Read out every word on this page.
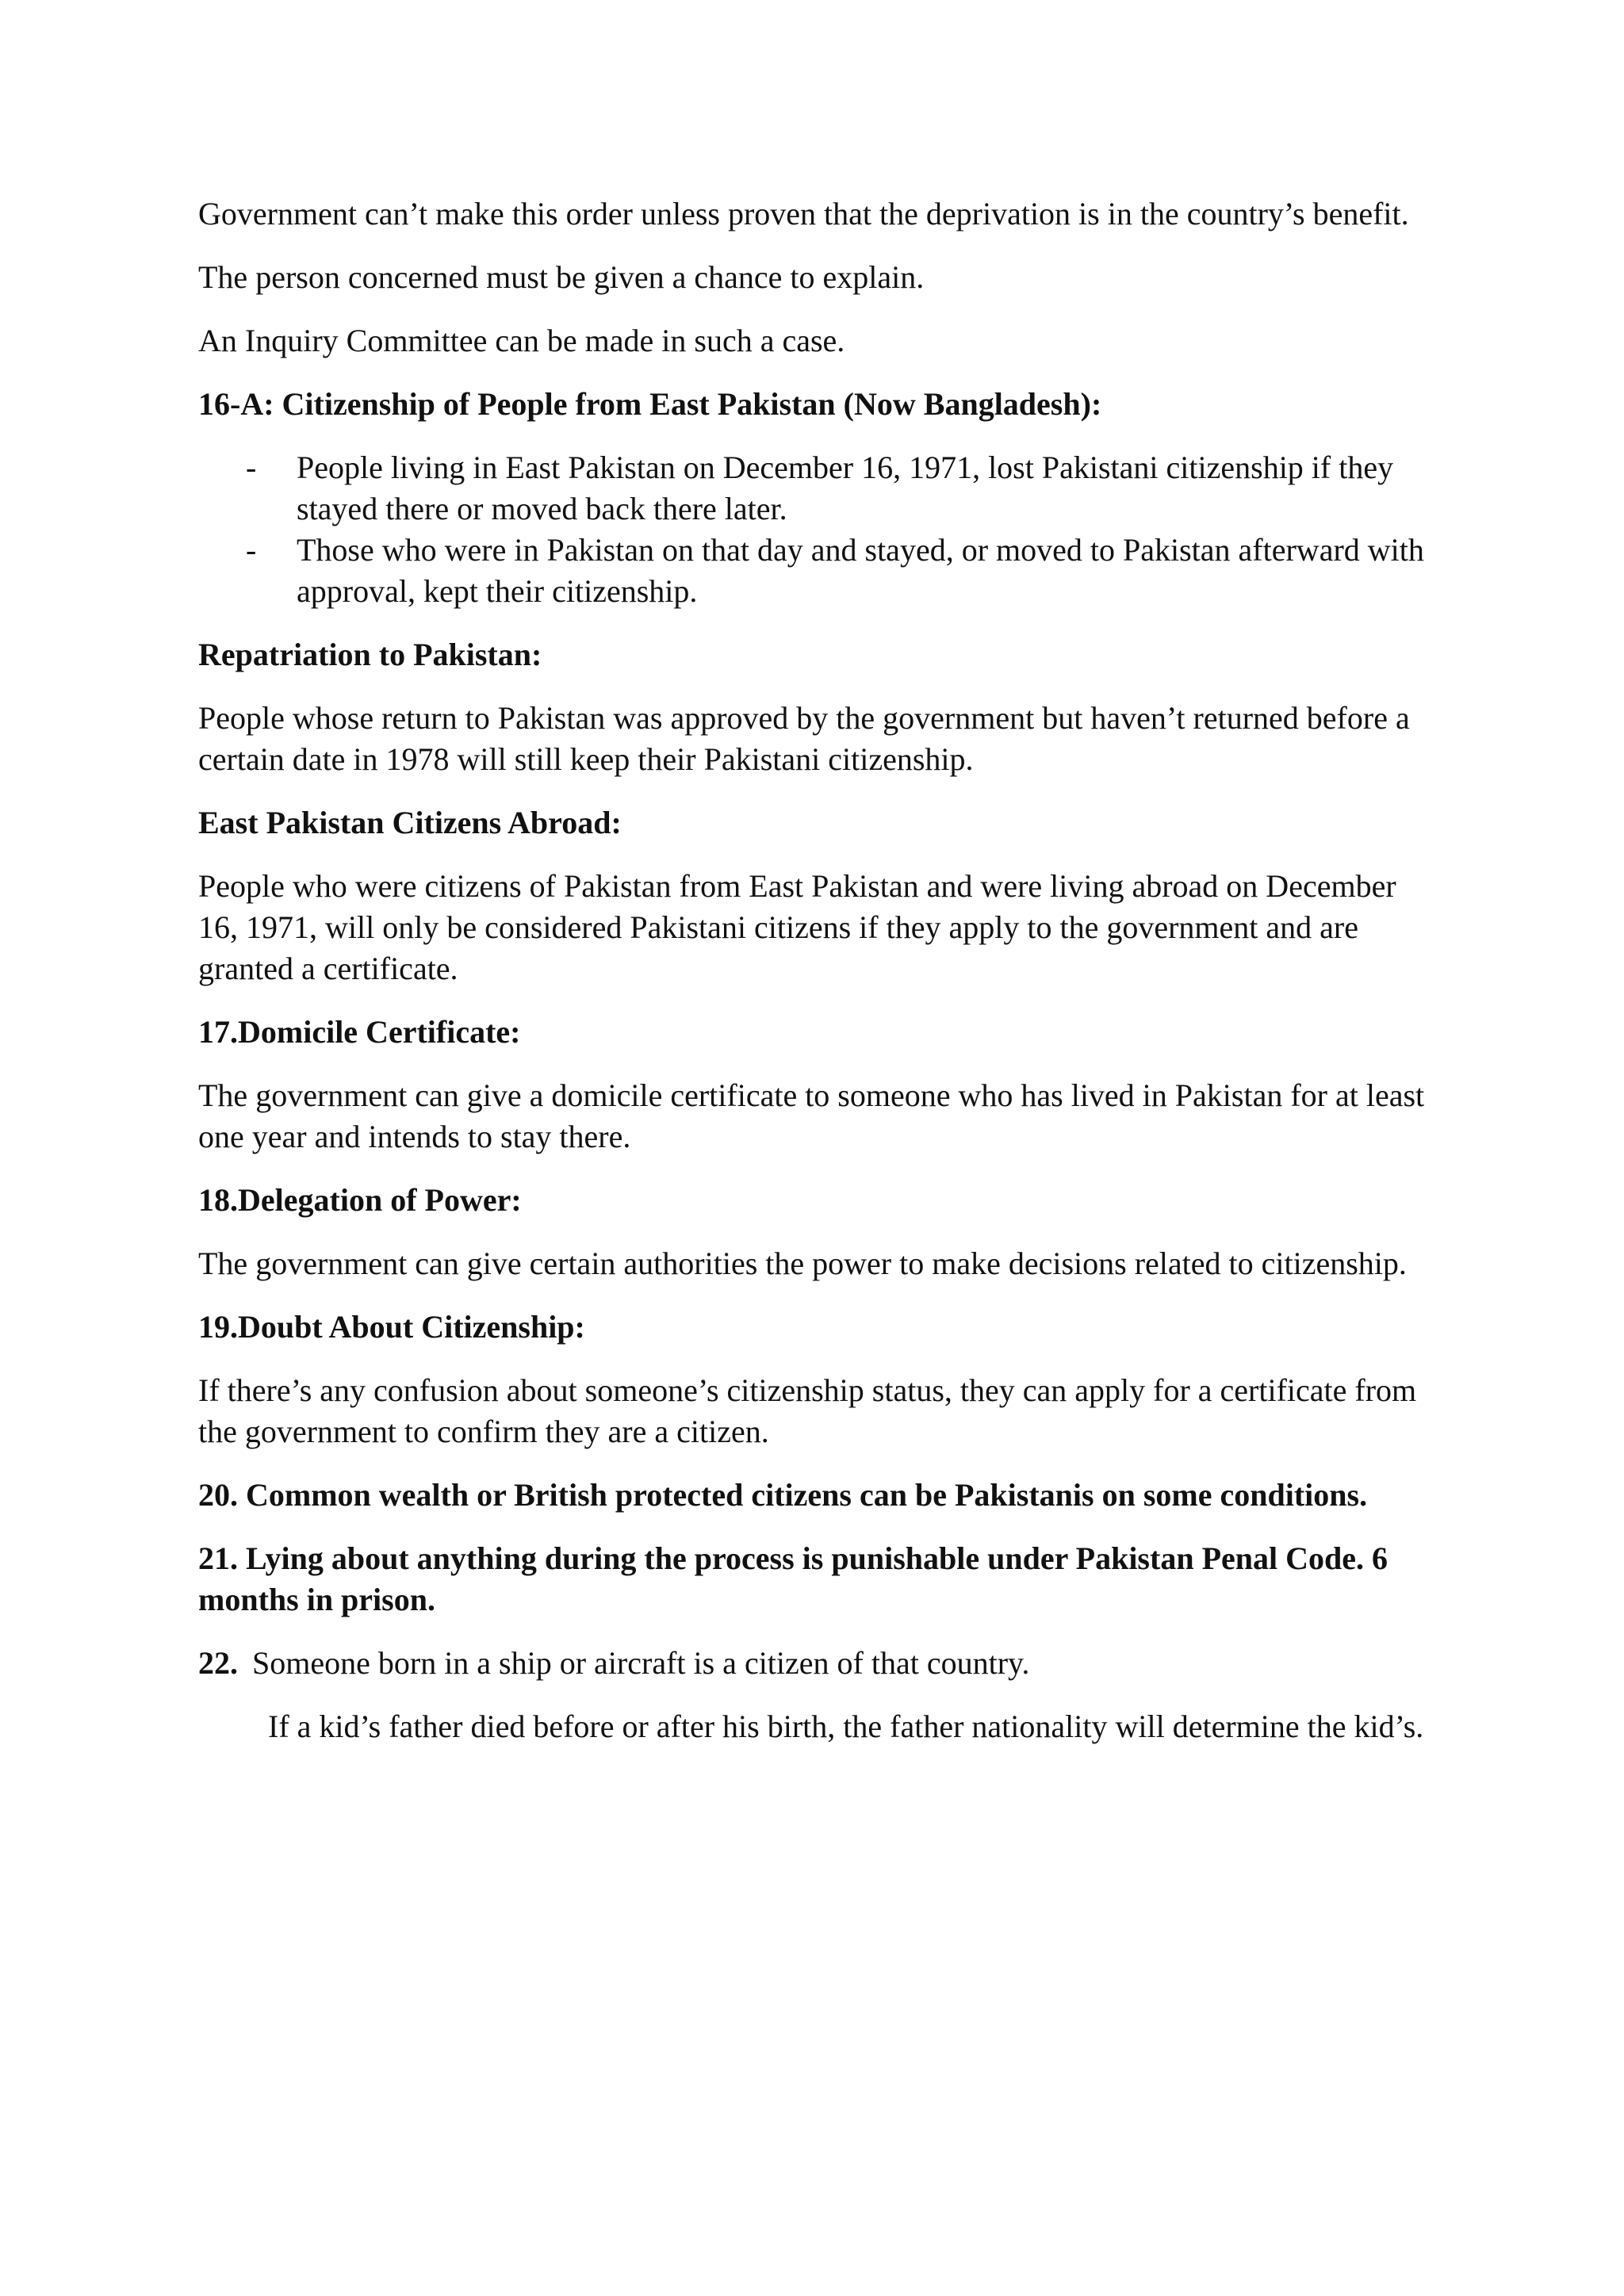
Government can’t make this order unless proven that the deprivation is in the country’s benefit.

The person concerned must be given a chance to explain.

An Inquiry Committee can be made in such a case.

16-A: Citizenship of People from East Pakistan (Now Bangladesh):

- People living in East Pakistan on December 16, 1971, lost Pakistani citizenship if they stayed there or moved back there later.
- Those who were in Pakistan on that day and stayed, or moved to Pakistan afterward with approval, kept their citizenship.

Repatriation to Pakistan:

People whose return to Pakistan was approved by the government but haven’t returned before a certain date in 1978 will still keep their Pakistani citizenship.

East Pakistan Citizens Abroad:

People who were citizens of Pakistan from East Pakistan and were living abroad on December 16, 1971, will only be considered Pakistani citizens if they apply to the government and are granted a certificate.

17.Domicile Certificate:

The government can give a domicile certificate to someone who has lived in Pakistan for at least one year and intends to stay there.

18.Delegation of Power:

The government can give certain authorities the power to make decisions related to citizenship.

19.Doubt About Citizenship:

If there’s any confusion about someone’s citizenship status, they can apply for a certificate from the government to confirm they are a citizen.

20. Common wealth or British protected citizens can be Pakistanis on some conditions.

21. Lying about anything during the process is punishable under Pakistan Penal Code. 6 months in prison.

22. Someone born in a ship or aircraft is a citizen of that country.

If a kid’s father died before or after his birth, the father nationality will determine the kid’s.
